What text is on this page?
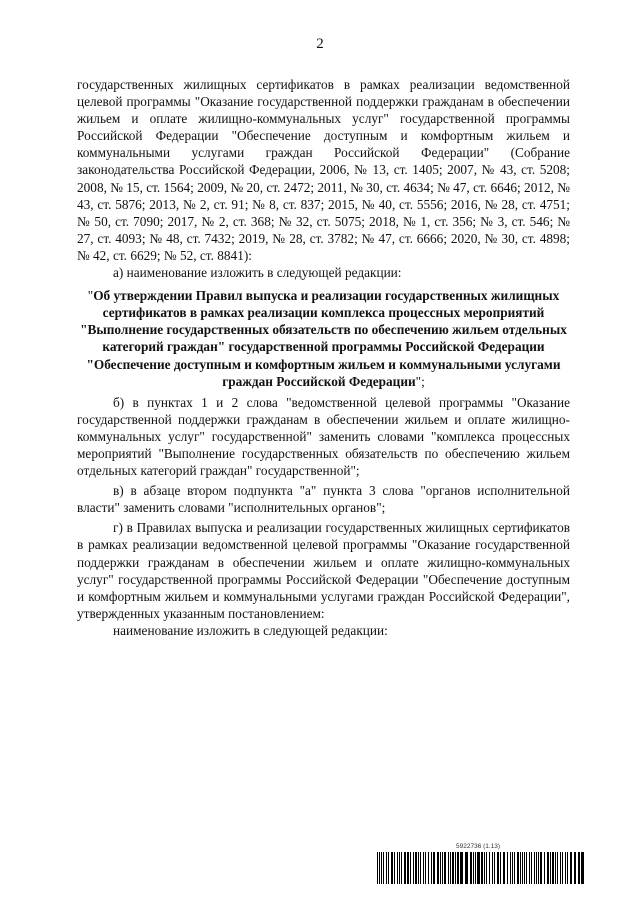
2

государственных жилищных сертификатов в рамках реализации ведомственной целевой программы "Оказание государственной поддержки гражданам в обеспечении жильем и оплате жилищно-коммунальных услуг" государственной программы Российской Федерации "Обеспечение доступным и комфортным жильем и коммунальными услугами граждан Российской Федерации" (Собрание законодательства Российской Федерации, 2006, № 13, ст. 1405; 2007, № 43, ст. 5208; 2008, № 15, ст. 1564; 2009, № 20, ст. 2472; 2011, № 30, ст. 4634; № 47, ст. 6646; 2012, № 43, ст. 5876; 2013, № 2, ст. 91; № 8, ст. 837; 2015, № 40, ст. 5556; 2016, № 28, ст. 4751; № 50, ст. 7090; 2017, № 2, ст. 368; № 32, ст. 5075; 2018, № 1, ст. 356; № 3, ст. 546; № 27, ст. 4093; № 48, ст. 7432; 2019, № 28, ст. 3782; № 47, ст. 6666; 2020, № 30, ст. 4898; № 42, ст. 6629; № 52, ст. 8841):

а) наименование изложить в следующей редакции:

"Об утверждении Правил выпуска и реализации государственных жилищных сертификатов в рамках реализации комплекса процессных мероприятий "Выполнение государственных обязательств по обеспечению жильем отдельных категорий граждан" государственной программы Российской Федерации "Обеспечение доступным и комфортным жильем и коммунальными услугами граждан Российской Федерации";

б) в пунктах 1 и 2 слова "ведомственной целевой программы "Оказание государственной поддержки гражданам в обеспечении жильем и оплате жилищно-коммунальных услуг" государственной" заменить словами "комплекса процессных мероприятий "Выполнение государственных обязательств по обеспечению жильем отдельных категорий граждан" государственной";

в) в абзаце втором подпункта "а" пункта 3 слова "органов исполнительной власти" заменить словами "исполнительных органов";

г) в Правилах выпуска и реализации государственных жилищных сертификатов в рамках реализации ведомственной целевой программы "Оказание государственной поддержки гражданам в обеспечении жильем и оплате жилищно-коммунальных услуг" государственной программы Российской Федерации "Обеспечение доступным и комфортным жильем и коммунальными услугами граждан Российской Федерации", утвержденных указанным постановлением:

наименование изложить в следующей редакции:

5922736 (1.13)
